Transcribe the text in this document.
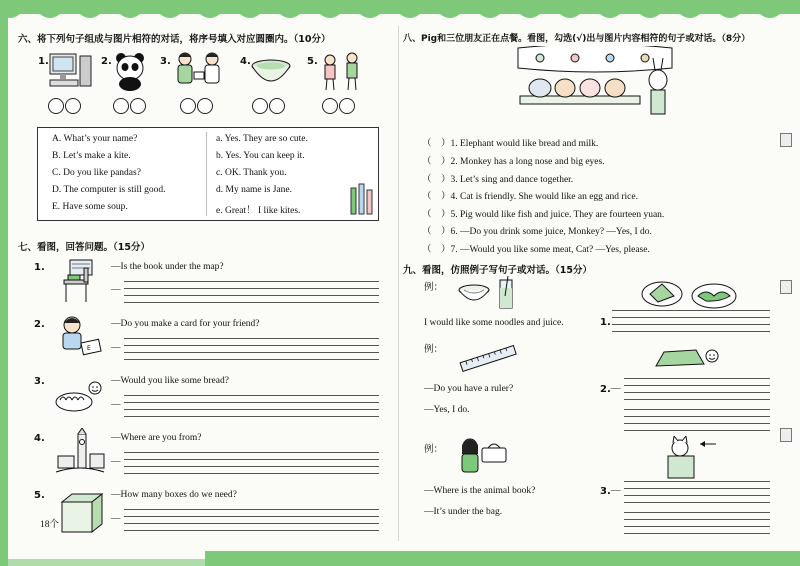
六、将下列句子组成与图片相符的对话，将序号填入对应圆圈内。（10分）
1.	2.	3.	4.	5.
A. What’s your name?
B. Let’s make a kite.
C. Do you like pandas?
D. The computer is still good.
E. Have some soup.
a. Yes. They are so cute.
b. Yes. You can keep it.
c. OK. Thank you.
d. My name is Jane.
e. Great！ I like kites.
七、看图，回答问题。（15分）
1.	—Is the book under the map?
—
2.
E
—Do you make a card for your friend?
—
3.	—Would you like some bread?
—
4.	—Where are you from?
—
5.
18个
—How many boxes do we need?
—
八、Pig和三位朋友正在点餐。看图，勾选(√)出与图片内容相符的句子或对话。（8分）
（　）1. Elephant would like bread and milk.
（　）2. Monkey has a long nose and big eyes.
（　）3. Let’s sing and dance together.
（　）4. Cat is friendly. She would like an egg and rice.
（　）5. Pig would like fish and juice. They are fourteen yuan.
（　）6. —Do you drink some juice, Monkey? —Yes, I do.
（　）7. —Would you like some meat, Cat? —Yes, please.
九、看图，仿照例子写句子或对话。（15分）
例：
I would like some noodles and juice.	1.
例：
—Do you have a ruler?
—Yes, I do.
2. —
例：
—Where is the animal book?
—It’s under the bag.
3. —
